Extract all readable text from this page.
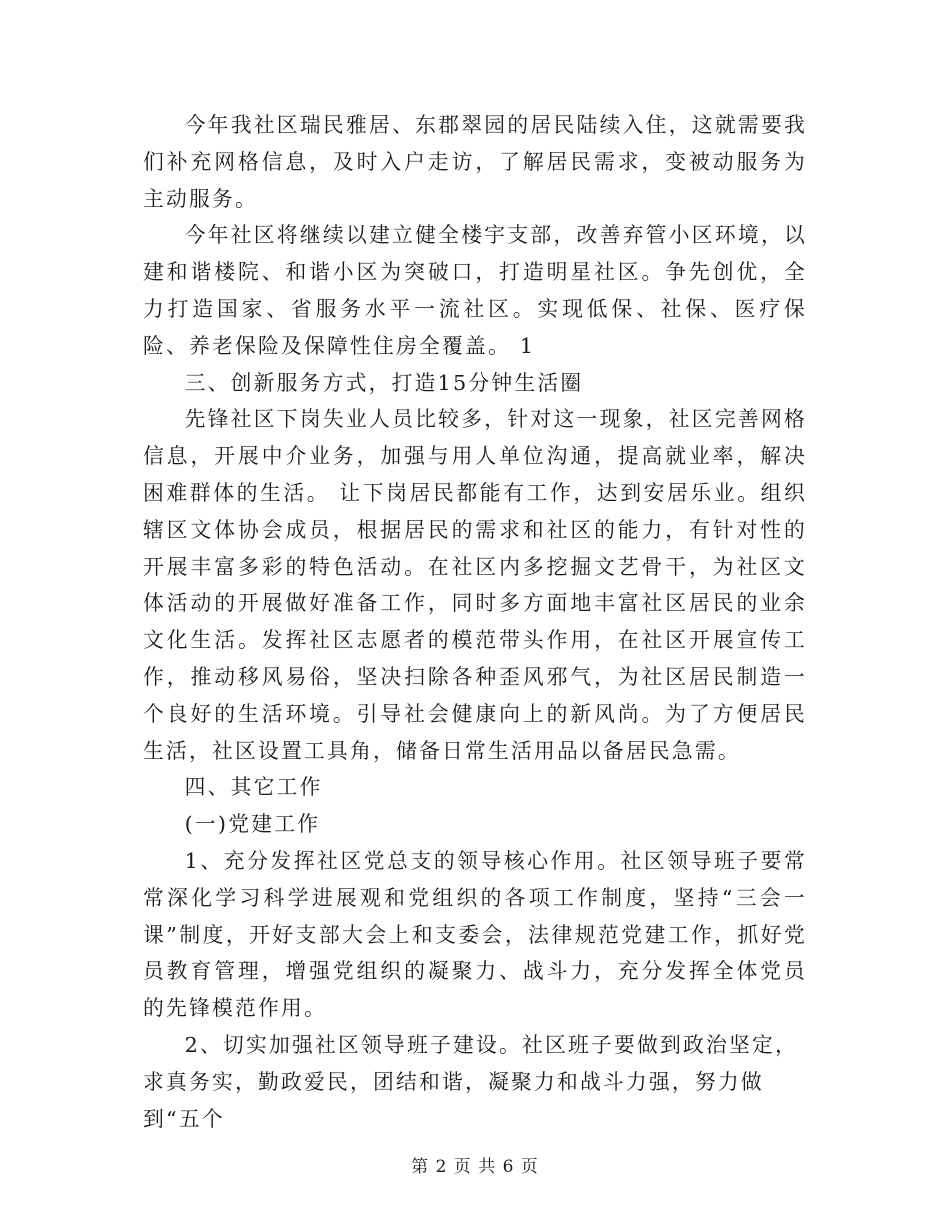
今年我社区瑞民雅居、东郡翠园的居民陆续入住，这就需要我们补充网格信息，及时入户走访，了解居民需求，变被动服务为主动服务。

今年社区将继续以建立健全楼宇支部，改善弃管小区环境，以建和谐楼院、和谐小区为突破口，打造明星社区。争先创优，全力打造国家、省服务水平一流社区。实现低保、社保、医疗保险、养老保险及保障性住房全覆盖。 1

三、创新服务方式，打造15分钟生活圈

先锋社区下岗失业人员比较多，针对这一现象，社区完善网格信息，开展中介业务，加强与用人单位沟通，提高就业率，解决困难群体的生活。 让下岗居民都能有工作，达到安居乐业。组织辖区文体协会成员，根据居民的需求和社区的能力，有针对性的开展丰富多彩的特色活动。在社区内多挖掘文艺骨干，为社区文体活动的开展做好准备工作，同时多方面地丰富社区居民的业余文化生活。发挥社区志愿者的模范带头作用，在社区开展宣传工作，推动移风易俗，坚决扫除各种歪风邪气，为社区居民制造一个良好的生活环境。引导社会健康向上的新风尚。为了方便居民生活，社区设置工具角，储备日常生活用品以备居民急需。

四、其它工作

(一)党建工作

1、充分发挥社区党总支的领导核心作用。社区领导班子要常常深化学习科学进展观和党组织的各项工作制度，坚持“三会一课”制度，开好支部大会上和支委会，法律规范党建工作，抓好党员教育管理，增强党组织的凝聚力、战斗力，充分发挥全体党员的先锋模范作用。

2、切实加强社区领导班子建设。社区班子要做到政治坚定，求真务实，勤政爱民，团结和谐，凝聚力和战斗力强，努力做到“五个

第 2 页 共 6 页
